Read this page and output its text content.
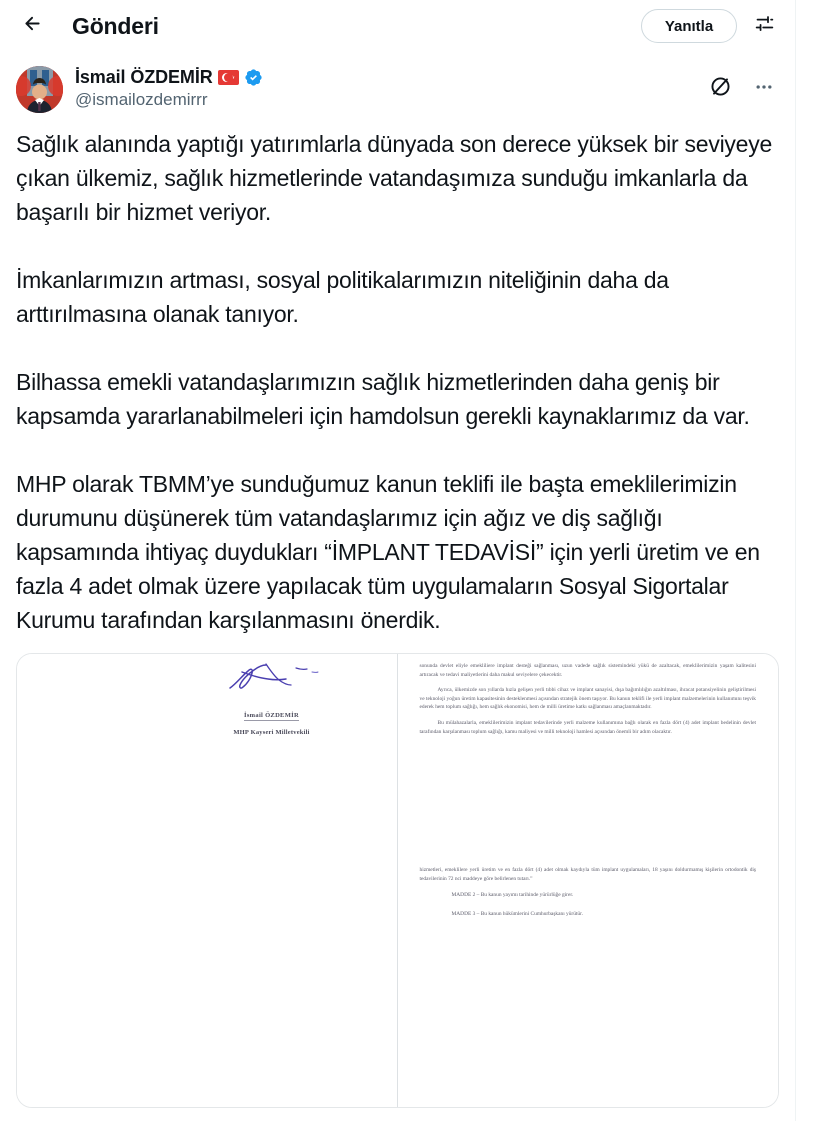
Gönderi	Yanıtla
İsmail ÖZDEMİR
@ismailozdemirrr

Sağlık alanında yaptığı yatırımlarla dünyada son derece yüksek bir seviyeye çıkan ülkemiz, sağlık hizmetlerinde vatandaşımıza sunduğu imkanlarla da başarılı bir hizmet veriyor.

İmkanlarımızın artması, sosyal politikalarımızın niteliğinin daha da arttırılmasına olanak tanıyor.

Bilhassa emekli vatandaşlarımızın sağlık hizmetlerinden daha geniş bir kapsamda yararlanabilmeleri için hamdolsun gerekli kaynaklarımız da var.

MHP olarak TBMM’ye sunduğumuz kanun teklifi ile başta emeklilerimizin durumunu düşünerek tüm vatandaşlarımız için ağız ve diş sağlığı kapsamında ihtiyaç duydukları “İMPLANT TEDAVİSİ” için yerli üretim ve en fazla 4 adet olmak üzere yapılacak tüm uygulamaların Sosyal Sigortalar Kurumu tarafından karşılanmasını önerdik.

İsmail ÖZDEMİR
MHP Kayseri Milletvekili

sonunda devlet eliyle emekliliere implant desteği sağlanması, uzun vadede sağlık sistemindeki yükü de azaltacak, emeklilerimizin yaşam kalitesini artıracak ve tedavi maliyetlerini daha makul seviyelere çekecektir.

Ayrıca, ülkemizde son yıllarda hızla gelişen yerli tıbbi cihaz ve implant sanayisi, dışa bağımlılığın azaltılması, ihracat potansiyelinin geliştirilmesi ve teknoloji yoğun üretim kapasitesinin desteklenmesi açısından stratejik önem taşıyor. Bu kanun teklifi ile yerli implant malzemelerinin kullanımını teşvik ederek hem toplum sağlığı, hem sağlık ekonomisi, hem de milli üretime katkı sağlanması amaçlanmaktadır.

Bu mülahazalarla, emeklilerimizin implant tedavilerinde yerli malzeme kullanımına bağlı olarak en fazla dört (4) adet implant bedelinin devlet tarafından karşılanması toplum sağlığı, kamu maliyesi ve milli teknoloji hamlesi açısından önemli bir adım olacaktır.

hizmetleri, emeklilere yerli üretim ve en fazla dört (4) adet olmak kaydıyla tüm implant uygulamaları, 18 yaşını doldurmamış kişilerin ortodontik diş tedavilerinin 72 nci maddeye göre belirlenen tutarı.”

MADDE 2 – Bu kanun yayımı tarihinde yürürlüğe girer.

MADDE 3 – Bu kanun hükümlerini Cumhurbaşkanı yürütür.
